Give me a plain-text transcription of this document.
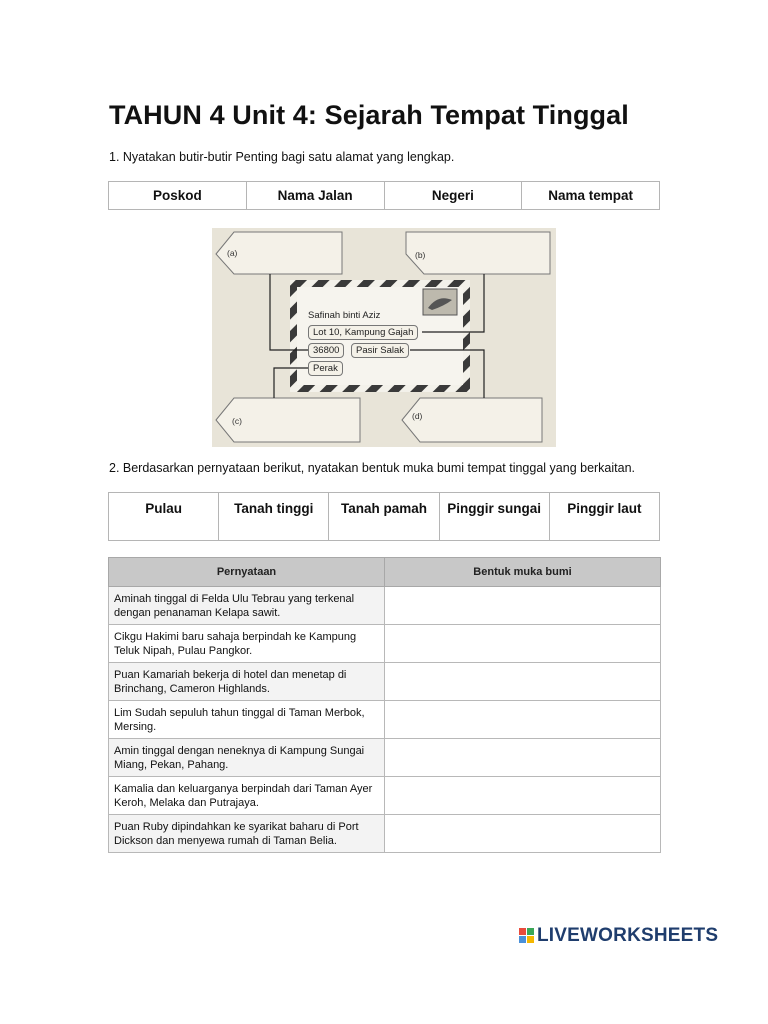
TAHUN 4 Unit 4: Sejarah Tempat Tinggal
1. Nyatakan butir-butir Penting bagi satu alamat yang lengkap.
Poskod	Nama Jalan	Negeri	Nama tempat
(a)	(b)
(c)	(d)
Safinah binti Aziz
Lot 10, Kampung Gajah
36800	Pasir Salak
Perak
2. Berdasarkan pernyataan berikut, nyatakan bentuk muka bumi tempat tinggal yang berkaitan.
Pulau	Tanah tinggi	Tanah pamah	Pinggir sungai	Pinggir laut
Pernyataan	Bentuk muka bumi
Aminah tinggal di Felda Ulu Tebrau yang terkenal dengan penanaman Kelapa sawit.	
Cikgu Hakimi baru sahaja berpindah ke Kampung Teluk Nipah, Pulau Pangkor.	
Puan Kamariah bekerja di hotel dan menetap di Brinchang, Cameron Highlands.	
Lim Sudah sepuluh tahun tinggal di Taman Merbok, Mersing.	
Amin tinggal dengan neneknya di Kampung Sungai Miang, Pekan, Pahang.	
Kamalia dan keluarganya berpindah dari Taman Ayer Keroh, Melaka dan Putrajaya.	
Puan Ruby dipindahkan ke syarikat baharu di Port Dickson dan menyewa rumah di Taman Belia.	
LIVEWORKSHEETS
